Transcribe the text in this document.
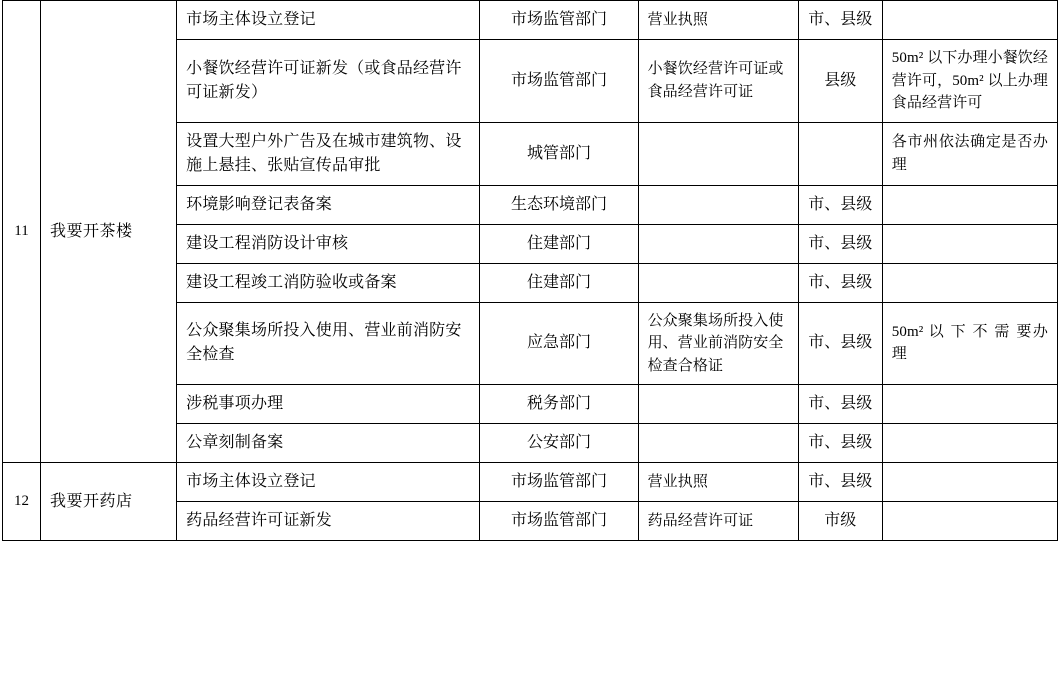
11	我要开茶楼	市场主体设立登记	市场监管部门	营业执照	市、县级	
		小餐饮经营许可证新发（或食品经营许可证新发）	市场监管部门	小餐饮经营许可证或食品经营许可证	县级	50m² 以下办理小餐饮经营许可，50m² 以上办理食品经营许可
		设置大型户外广告及在城市建筑物、设施上悬挂、张贴宣传品审批	城管部门			各市州依法确定是否办理
		环境影响登记表备案	生态环境部门		市、县级	
		建设工程消防设计审核	住建部门		市、县级	
		建设工程竣工消防验收或备案	住建部门		市、县级	
		公众聚集场所投入使用、营业前消防安全检查	应急部门	公众聚集场所投入使用、营业前消防安全检查合格证	市、县级	50m² 以 下 不 需 要办理
		涉税事项办理	税务部门		市、县级	
		公章刻制备案	公安部门		市、县级	
12	我要开药店	市场主体设立登记	市场监管部门	营业执照	市、县级	
		药品经营许可证新发	市场监管部门	药品经营许可证	市级	
